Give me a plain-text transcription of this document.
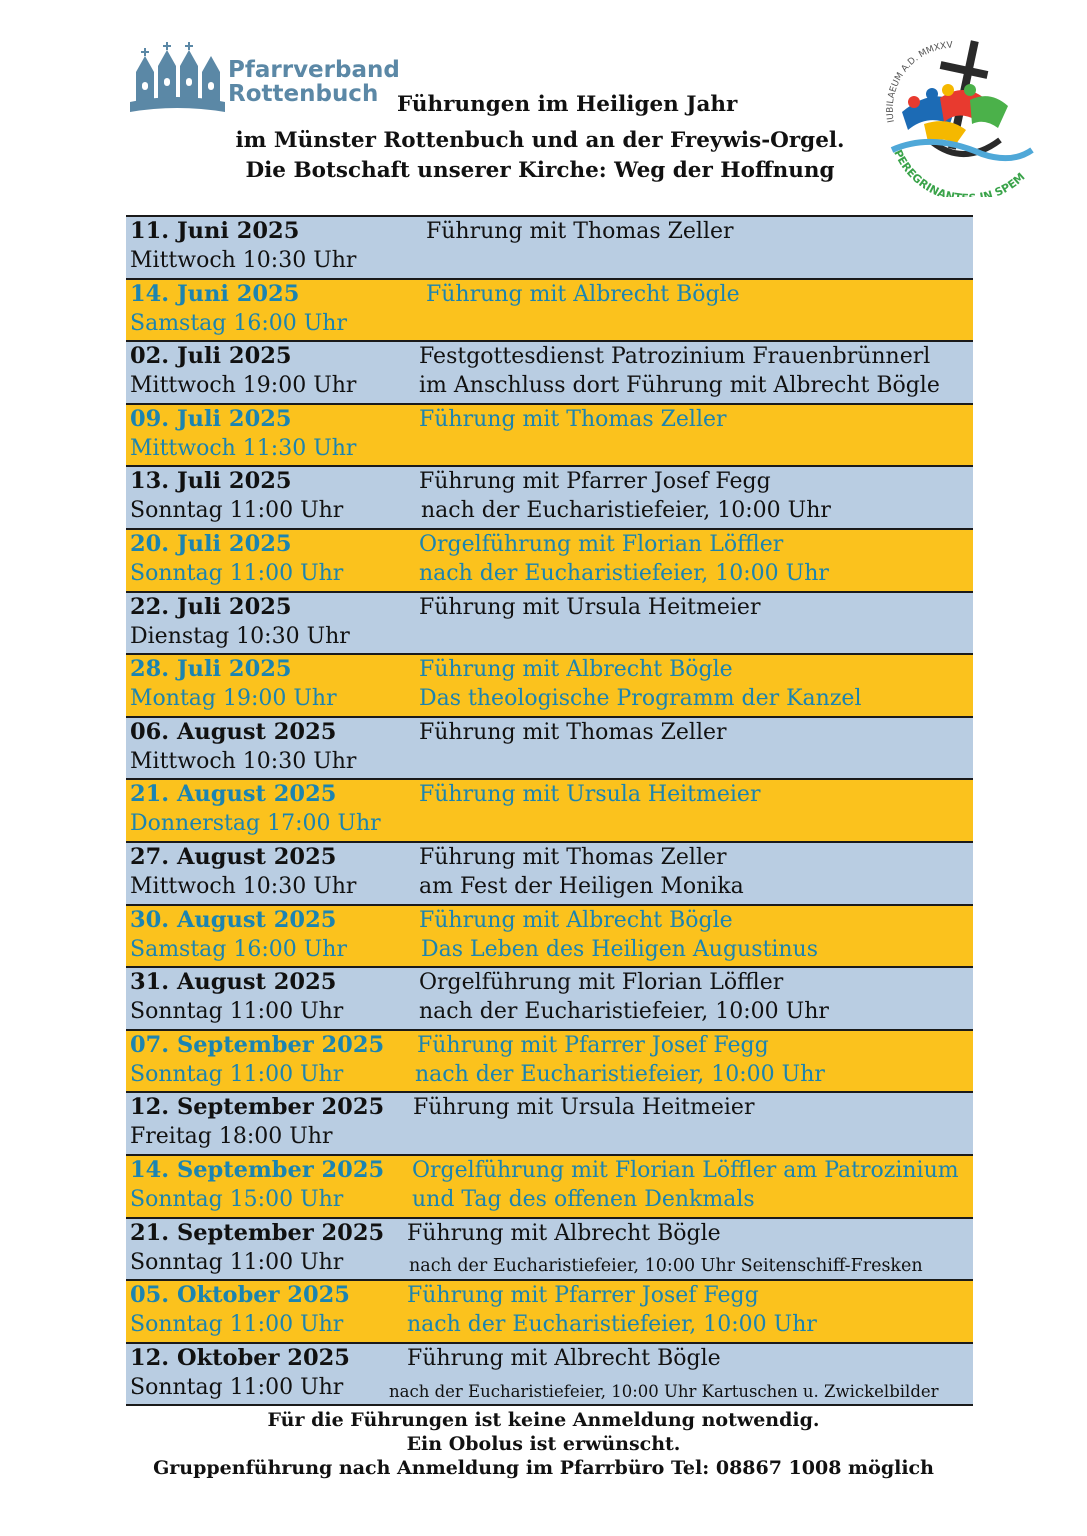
Pfarrverband
Rottenbuch
IUBILAEUM A.D. MMXXV
PEREGRINAN N SPEM
Führungen im Heiligen Jahr
im Münster Rottenbuch und an der Freywis-Orgel.
Die Botschaft unserer Kirche: Weg der Hoffnung
11. Juni 2025
Mittwoch 10:30 Uhr
Führung mit Thomas Zeller
14. Juni 2025
Samstag 16:00 Uhr
Führung mit Albrecht Bögle
02. Juli 2025
Mittwoch 19:00 Uhr
Festgottesdienst Patrozinium Frauenbrünnerl
im Anschluss dort Führung mit Albrecht Bögle
09. Juli 2025
Mittwoch 11:30 Uhr
Führung mit Thomas Zeller
13. Juli 2025
Sonntag 11:00 Uhr
Führung mit Pfarrer Josef Fegg
nach der Eucharistiefeier, 10:00 Uhr
20. Juli 2025
Sonntag 11:00 Uhr
Orgelführung mit Florian Löffler
nach der Eucharistiefeier, 10:00 Uhr
22. Juli 2025
Dienstag 10:30 Uhr
Führung mit Ursula Heitmeier
28. Juli 2025
Montag 19:00 Uhr
Führung mit Albrecht Bögle
Das theologische Programm der Kanzel
06. August 2025
Mittwoch 10:30 Uhr
Führung mit Thomas Zeller
21. August 2025
Donnerstag 17:00 Uhr
Führung mit Ursula Heitmeier
27. August 2025
Mittwoch 10:30 Uhr
Führung mit Thomas Zeller
am Fest der Heiligen Monika
30. August 2025
Samstag 16:00 Uhr
Führung mit Albrecht Bögle
Das Leben des Heiligen Augustinus
31. August 2025
Sonntag 11:00 Uhr
Orgelführung mit Florian Löffler
nach der Eucharistiefeier, 10:00 Uhr
07. September 2025
Sonntag 11:00 Uhr
Führung mit Pfarrer Josef Fegg
nach der Eucharistiefeier, 10:00 Uhr
12. September 2025
Freitag 18:00 Uhr
Führung mit Ursula Heitmeier
14. September 2025
Sonntag 15:00 Uhr
Orgelführung mit Florian Löffler am Patrozinium
und Tag des offenen Denkmals
21. September 2025
Sonntag 11:00 Uhr
Führung mit Albrecht Bögle
nach der Eucharistiefeier, 10:00 Uhr Seitenschiff-Fresken
05. Oktober 2025
Sonntag 11:00 Uhr
Führung mit Pfarrer Josef Fegg
nach der Eucharistiefeier, 10:00 Uhr
12. Oktober 2025
Sonntag 11:00 Uhr
Führung mit Albrecht Bögle
nach der Eucharistiefeier, 10:00 Uhr Kartuschen u. Zwickelbilder
Für die Führungen ist keine Anmeldung notwendig.
Ein Obolus ist erwünscht.
Gruppenführung nach Anmeldung im Pfarrbüro Tel: 08867 1008 möglich
